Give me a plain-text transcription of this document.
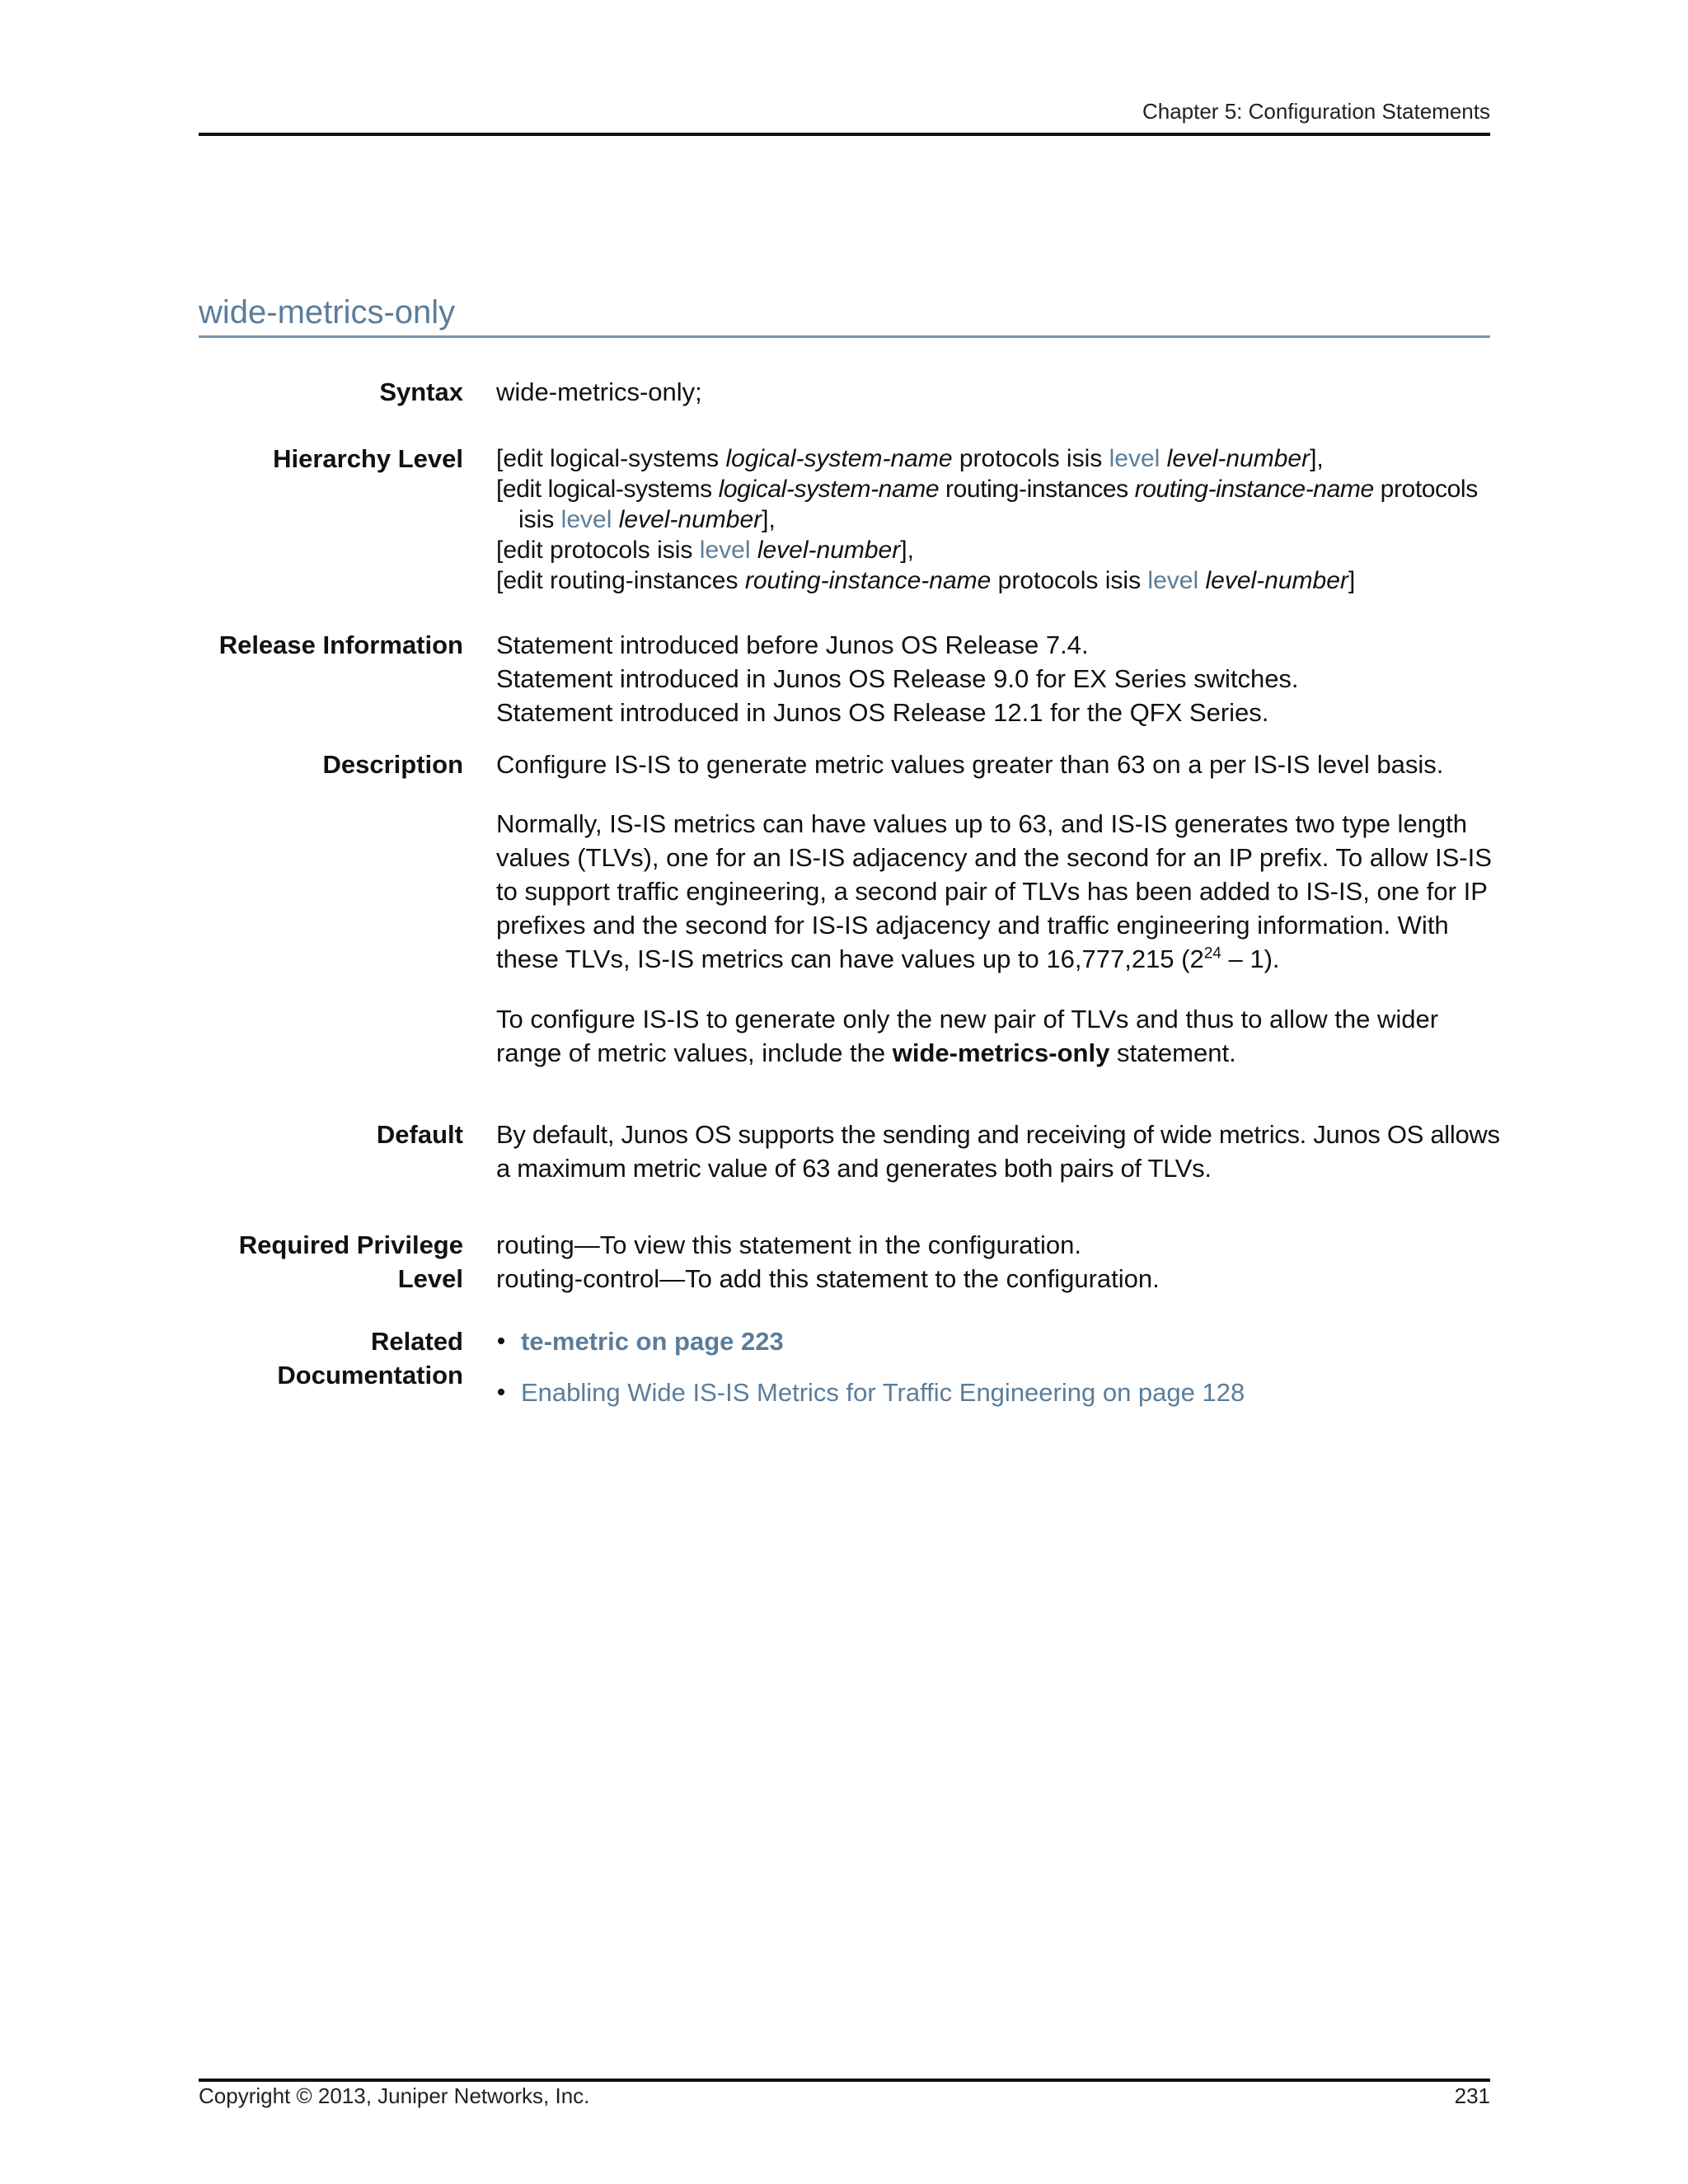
Chapter 5: Configuration Statements
wide-metrics-only
Syntax wide-metrics-only;
Hierarchy Level [edit logical-systems logical-system-name protocols isis level level-number],
[edit logical-systems logical-system-name routing-instances routing-instance-name protocols
isis level level-number],
[edit protocols isis level level-number],
[edit routing-instances routing-instance-name protocols isis level level-number]
Release Information Statement introduced before Junos OS Release 7.4.
Statement introduced in Junos OS Release 9.0 for EX Series switches.
Statement introduced in Junos OS Release 12.1 for the QFX Series.
Description Configure IS-IS to generate metric values greater than 63 on a per IS-IS level basis.
Normally, IS-IS metrics can have values up to 63, and IS-IS generates two type length
values (TLVs), one for an IS-IS adjacency and the second for an IP prefix. To allow IS-IS
to support traffic engineering, a second pair of TLVs has been added to IS-IS, one for IP
prefixes and the second for IS-IS adjacency and traffic engineering information. With
these TLVs, IS-IS metrics can have values up to 16,777,215 $(2^{24} - 1)$.
To configure IS-IS to generate only the new pair of TLVs and thus to allow the wider
range of metric values, include the wide-metrics-only statement.
Default By default, Junos OS supports the sending and receiving of wide metrics. Junos OS allows
a maximum metric value of 63 and generates both pairs of TLVs.
Required Privilege
Level
routing—To view this statement in the configuration.
routing-control—To add this statement to the configuration.
Related
Documentation
te-metric on page 223
Enabling Wide IS-IS Metrics for Traffic Engineering on page 128
Copyright © 2013, Juniper Networks, Inc.	231
